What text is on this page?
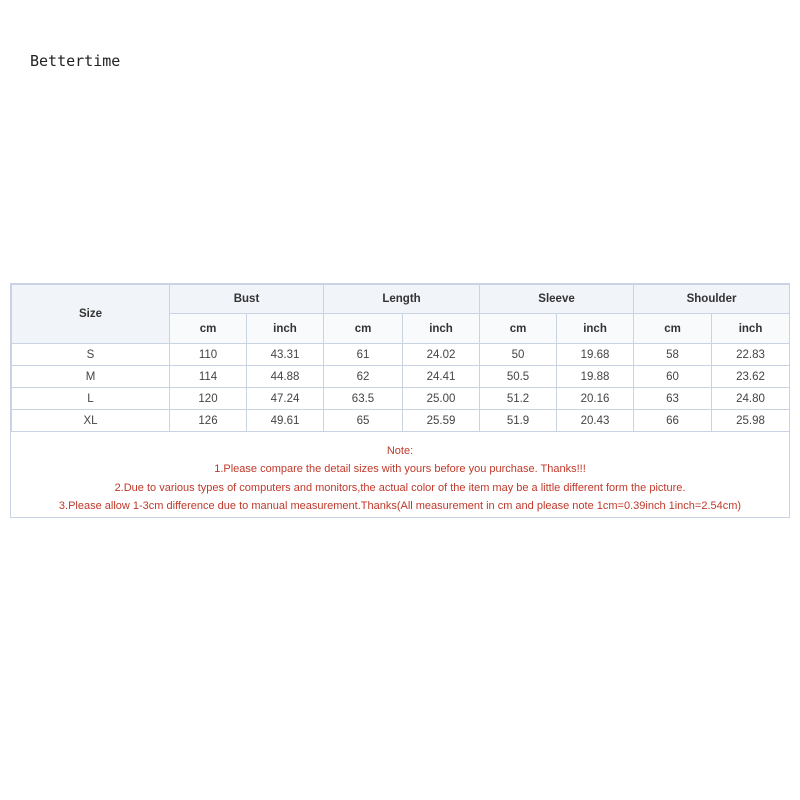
Bettertime
Size	Bust		Length		Sleeve		Shoulder	
	cm	inch	cm	inch	cm	inch	cm	inch
S	110	43.31	61	24.02	50	19.68	58	22.83
M	114	44.88	62	24.41	50.5	19.88	60	23.62
L	120	47.24	63.5	25.00	51.2	20.16	63	24.80
XL	126	49.61	65	25.59	51.9	20.43	66	25.98
Note:
1.Please compare the detail sizes with yours before you purchase. Thanks!!!
2.Due to various types of computers and monitors,the actual color of the item may be a little different form the picture.
3.Please allow 1-3cm difference due to manual measurement.Thanks(All measurement in cm and please note 1cm=0.39inch 1inch=2.54cm)
